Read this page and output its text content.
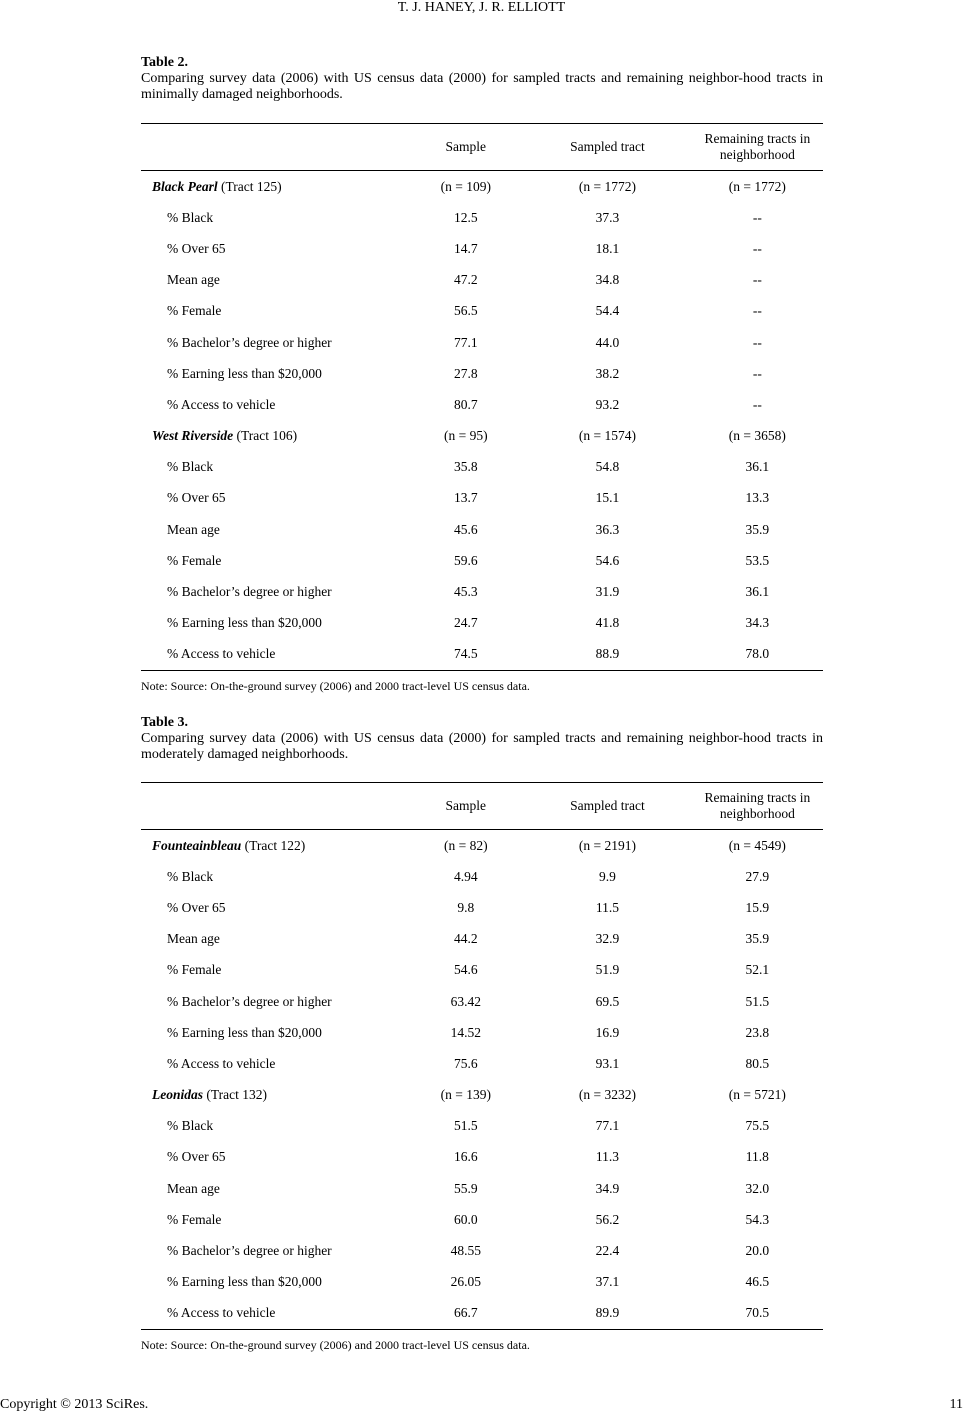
T. J. HANEY, J. R. ELLIOTT

Table 2.

Comparing survey data (2006) with US census data (2000) for sampled tracts and remaining neighbor-hood tracts in minimally damaged neighborhoods.

	Sample	Sampled tract	Remaining tracts in
neighborhood
Black Pearl (Tract 125)	(n = 109)	(n = 1772)	(n = 1772)
% Black	12.5	37.3	--
% Over 65	14.7	18.1	--
Mean age	47.2	34.8	--
% Female	56.5	54.4	--
% Bachelor’s degree or higher	77.1	44.0	--
% Earning less than $20,000	27.8	38.2	--
% Access to vehicle	80.7	93.2	--
West Riverside (Tract 106)	(n = 95)	(n = 1574)	(n = 3658)
% Black	35.8	54.8	36.1
% Over 65	13.7	15.1	13.3
Mean age	45.6	36.3	35.9
% Female	59.6	54.6	53.5
% Bachelor’s degree or higher	45.3	31.9	36.1
% Earning less than $20,000	24.7	41.8	34.3
% Access to vehicle	74.5	88.9	78.0

Note: Source: On-the-ground survey (2006) and 2000 tract-level US census data.

Table 3.

Comparing survey data (2006) with US census data (2000) for sampled tracts and remaining neighbor-hood tracts in moderately damaged neighborhoods.

	Sample	Sampled tract	Remaining tracts in
neighborhood
Founteainbleau (Tract 122)	(n = 82)	(n = 2191)	(n = 4549)
% Black	4.94	9.9	27.9
% Over 65	9.8	11.5	15.9
Mean age	44.2	32.9	35.9
% Female	54.6	51.9	52.1
% Bachelor’s degree or higher	63.42	69.5	51.5
% Earning less than $20,000	14.52	16.9	23.8
% Access to vehicle	75.6	93.1	80.5
Leonidas (Tract 132)	(n = 139)	(n = 3232)	(n = 5721)
% Black	51.5	77.1	75.5
% Over 65	16.6	11.3	11.8
Mean age	55.9	34.9	32.0
% Female	60.0	56.2	54.3
% Bachelor’s degree or higher	48.55	22.4	20.0
% Earning less than $20,000	26.05	37.1	46.5
% Access to vehicle	66.7	89.9	70.5

Note: Source: On-the-ground survey (2006) and 2000 tract-level US census data.

Copyright © 2013 SciRes.	11
